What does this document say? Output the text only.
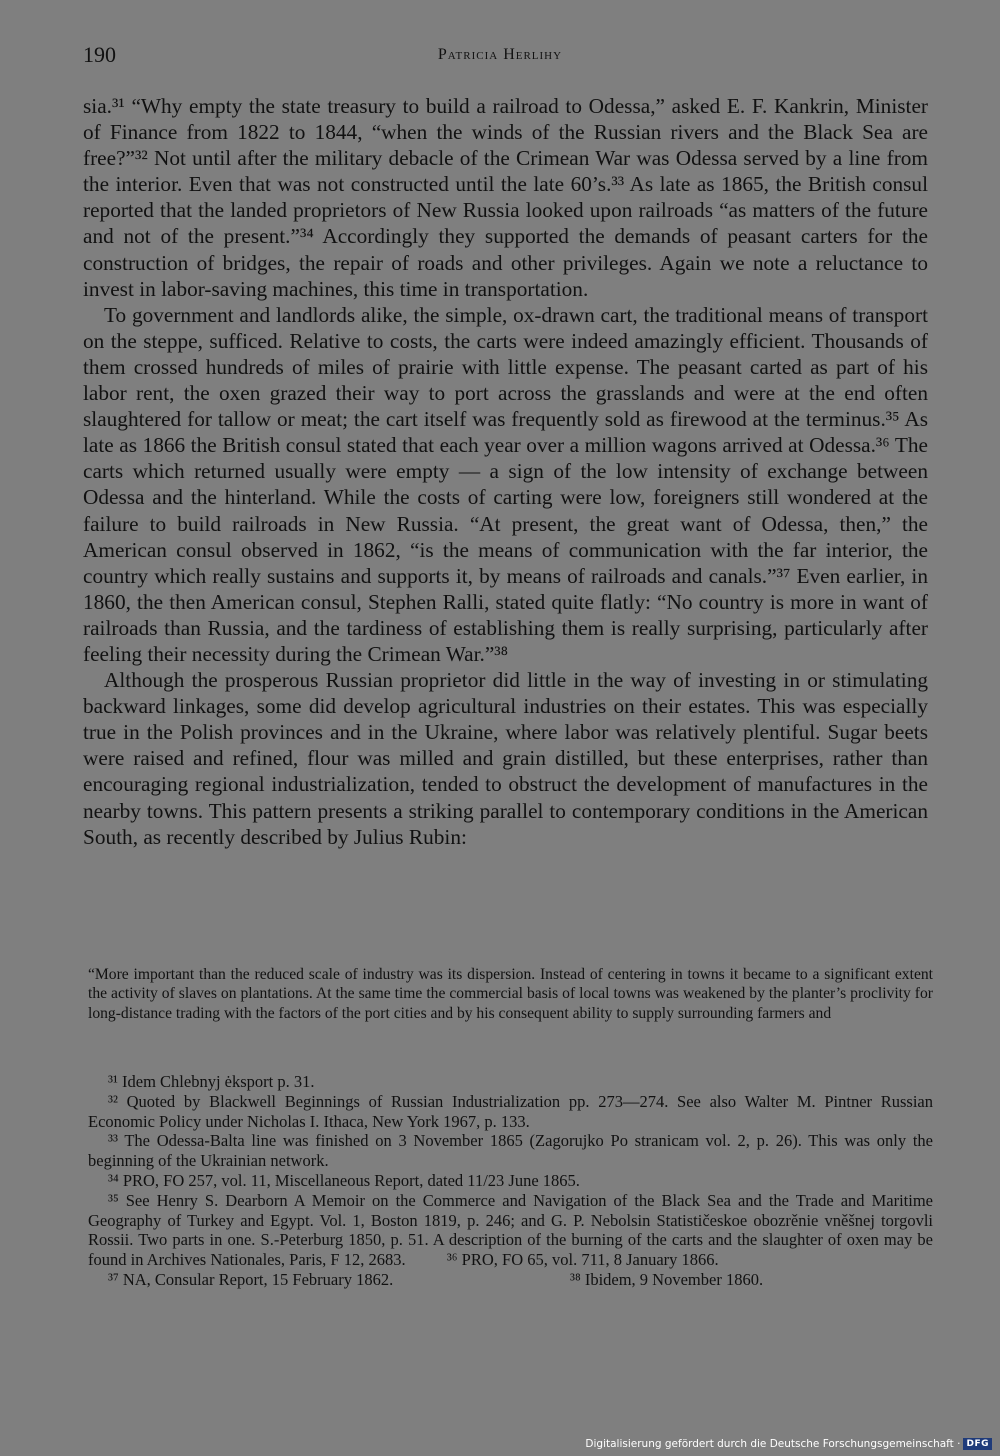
190	Patricia Herlihy

sia.³¹ “Why empty the state treasury to build a railroad to Odessa,” asked E. F. Kankrin, Minister of Finance from 1822 to 1844, “when the winds of the Russian rivers and the Black Sea are free?”³² Not until after the military debacle of the Crimean War was Odessa served by a line from the interior. Even that was not constructed until the late 60’s.³³ As late as 1865, the British consul reported that the landed proprietors of New Russia looked upon railroads “as matters of the future and not of the present.”³⁴ Accordingly they supported the demands of peasant carters for the construction of bridges, the repair of roads and other privileges. Again we note a reluctance to invest in labor-saving machines, this time in transportation.

To government and landlords alike, the simple, ox-drawn cart, the traditional means of transport on the steppe, sufficed. Relative to costs, the carts were indeed amazingly efficient. Thousands of them crossed hundreds of miles of prairie with little expense. The peasant carted as part of his labor rent, the oxen grazed their way to port across the grasslands and were at the end often slaughtered for tallow or meat; the cart itself was frequently sold as firewood at the terminus.³⁵ As late as 1866 the British consul stated that each year over a million wagons arrived at Odessa.³⁶ The carts which returned usually were empty — a sign of the low intensity of exchange between Odessa and the hinterland. While the costs of carting were low, foreigners still wondered at the failure to build railroads in New Russia. “At present, the great want of Odessa, then,” the American consul observed in 1862, “is the means of communication with the far interior, the country which really sustains and supports it, by means of railroads and canals.”³⁷ Even earlier, in 1860, the then American consul, Stephen Ralli, stated quite flatly: “No country is more in want of railroads than Russia, and the tardiness of establishing them is really surprising, particularly after feeling their necessity during the Crimean War.”³⁸

Although the prosperous Russian proprietor did little in the way of investing in or stimulating backward linkages, some did develop agricultural industries on their estates. This was especially true in the Polish provinces and in the Ukraine, where labor was relatively plentiful. Sugar beets were raised and refined, flour was milled and grain distilled, but these enterprises, rather than encouraging regional industrialization, tended to obstruct the development of manufactures in the nearby towns. This pattern presents a striking parallel to contemporary conditions in the American South, as recently described by Julius Rubin:

“More important than the reduced scale of industry was its dispersion. Instead of centering in towns it became to a significant extent the activity of slaves on plantations. At the same time the commercial basis of local towns was weakened by the planter’s proclivity for long-distance trading with the factors of the port cities and by his consequent ability to supply surrounding farmers and

³¹ Idem Chlebnyj ėksport p. 31.

³² Quoted by Blackwell Beginnings of Russian Industrialization pp. 273—274. See also Walter M. Pintner Russian Economic Policy under Nicholas I. Ithaca, New York 1967, p. 133.

³³ The Odessa-Balta line was finished on 3 November 1865 (Zagorujko Po stranicam vol. 2, p. 26). This was only the beginning of the Ukrainian network.

³⁴ PRO, FO 257, vol. 11, Miscellaneous Report, dated 11/23 June 1865.

³⁵ See Henry S. Dearborn A Memoir on the Commerce and Navigation of the Black Sea and the Trade and Maritime Geography of Turkey and Egypt. Vol. 1, Boston 1819, p. 246; and G. P. Nebolsin Statističeskoe obozrěnie vněšnej torgovli Rossii. Two parts in one. S.-Peterburg 1850, p. 51. A description of the burning of the carts and the slaughter of oxen may be found in Archives Nationales, Paris, F 12, 2683.	³⁶ PRO, FO 65, vol. 711, 8 January 1866.

³⁷ NA, Consular Report, 15 February 1862.	³⁸ Ibidem, 9 November 1860.

Digitalisierung gefördert durch die Deutsche Forschungsgemeinschaft · DFG
